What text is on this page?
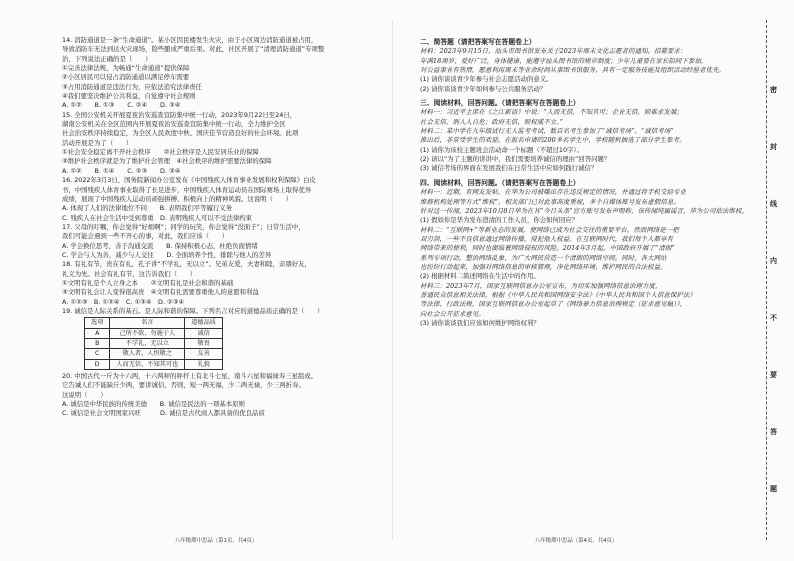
14. 消防通道是一条“生命通道”。某小区因民楼发生火灾，由于小区周边消防通道被占用，
导致消防车无法到达火灾现场，险些酿成严重后果。对此，社区开展了“清理消防通道”专项整
治，下列说法正确的是（　　）
①完善法律法规，为畅通“生命通道”提供保障
②小区居民可以侵占消防通道以满足停车需要
③占用消防通道是违法行为，应依法追究法律责任
④我们要坚决维护公共利益，自觉遵守社会规则
A. ①②　　B. ①③　　C. ②④　　D. ③④
15. 全国公安机关开展夏夜治安巡查宣防集中统一行动，2023年9月22日至24日，
湖南公安机关在全区范围内开展夏夜治安巡查宣防集中统一行动，全力维护全区
社会治安秩序持续稳定，为全区人民欢度中秋、国庆佳节营造良好的社会环境。此项
活动开展是为了（　　）
①社会安全稳定离不开社会秩序　　②社会秩序是人民安居乐业的保障
③维护社会秩序就是为了维护社会管理　④社会秩序的维护需要法律的保障
A. ①②　　B. ①④　　C. ②③　　D. ③④
16. 2022年3月3日，国务院新闻办公室发布《中国残疾人体育事业发展和权利保障》白皮
书，中国残疾人体育事业取得了长足进步，中国残疾人体育运动员在国际赛场上取得优异
成绩，展现了中国残疾人运动员顽强拼搏、积极向上的精神风貌。这说明（　　）
A. 体现了人们的法律地位不同　　B. 表明我们平等履行义务
C. 残疾人在社会生活中受到尊重　D. 表明残疾人可以不受法律约束
17. 父母的叮嘱，你会觉得“好烦啊”；同学的玩笑，你会觉得“没面子”；日常生活中，
我们可能会遇到一些不开心的事，对此，我们应该（　　）
A. 学会换位思考，善于沟通交流　　B. 保持积极心态，杜绝负面情绪
C. 学会与人为善，减少与人交往　　D. 全面培养个性，排除与他人的差异
18. 有礼有节，贵在有礼，孔子讲“不学礼，无以立”。兄弟友爱，夫妻和睦，亲朋好友，
礼义为先。社会有礼有节，这告诉我们（　　）
①文明有礼是个人立身之本　　②文明有礼是社会和谐的基础
③文明有礼会让人变得很高贵　④文明有礼需要尊重他人的意愿和利益
A. ①②③　B. ①②④　C. ①③④　D. ②③④
19. 诚信是人际关系的基石。是人际和谐的保障。下列名言对应的道德品质正确的是（　　）
选项	名言	道德品质
A	己所不欲，勿施于人	诚信
B	不学礼，无以立	敬畏
C	敬人者，人恒敬之	友善
D	人而无信，不知其可也	礼貌
20. 中国古代一斤为十六两，十六两秤的秤杆上有北斗七星、南斗六星和福禄寿三星组成。
它告诫人们不能缺斤少两，要讲诚信，否则，短一两无福，少二两无禄，少三两折寿。
这说明（　　）
A. 诚信是中华民族的传统美德　　B. 诚信是民法的一项基本原则
C. 诚信是社会文明国家兴旺　　　D. 诚信是古代商人都具备的优良品质
二、简答题（请把答案写在答题卷上）
材料：2023年9月15日，汕头市图书馆发布关于2023年周末文化志愿者的通知。招募要求：
年满18周岁，爱好广泛，身体健康，能遵守汕头图书馆的规章制度；少年儿童要在家长陪同下参加，
对公益事业有热情，愿意利用周末等业余时间从事图书馆服务，具有一定服务技能及组织活动经验者优先。
(1) 请你谈谈青少年参与社会志愿活动的意义。
(2) 请你谈谈青少年如何参与公共服务活动？
三、阅读材料，回答问题。（请把答案写在答题卷上）
材料一：习近平主席在《之江新语》中说：“人而无信，不知其可；企业无信，则难求发展；
社会无信，则人人自危；政府无信，则权威不立。”
材料二：某中学在九年级试行无人监考考试，数百名考生参加了“诚信考场”。“诚信考场”
推出后，非常受学生的欢迎。在报名申请的200多名学生中，学校随机抽选了部分学生参考。
(1) 请你为该校主题班会活动命一个标题（不超过10字）。
(2) 请以“为了主题的讲讲中，我们需要培养诚信的理由”回答问题？
(3) 诚信考场的界面在发展我们在日常生活中应如何践行诚信？
四、阅读材料，回答问题。（请把答案写在答题卷上）
材料一：近期，有网友发帖，在华为公司被曝出存在违反规定的情况，并通过将手机交给专业
维修机构处理等方式“维权”，相关部门已对此事高度重视，多个自媒体账号发布虚假信息。
针对这一传闻，2023年10月8日华为在其“今日头条”官方账号发布声明称，该传闻纯属谣言，华为公司依法维权。
(1) 假如你是华为发布澄清的工作人员，你会如何回应？
材料二：“互联网+”等新业态的发展，使网络已成为社会交往的重要平台。然而网络是一把
双刃剑，一些不良信息通过网络传播，侵犯他人权益。在互联网时代，我们每个人都享有
网络带来的便利，同时也面临着网络侵权的风险。2014年3月起，中国政府开展了“清朗”
系列专项行动，整治网络乱象，为广大网民营造一个清朗的网络空间。同时，各大网站
也纷纷行动起来，加强对网络信息的审核管理，净化网络环境，维护网民的合法权益。
(2) 根据材料二简述网络在生活中的作用。
材料三：2023年7月，国家互联网信息办公室宣布，为切实加强网络信息治理力度，
普通民众信息相关法律，根据《中华人民共和国网络安全法》《中华人民共和国个人信息保护法》
等法律、行政法规，国家互联网信息办公室起草了《网络暴力信息治理规定（征求意见稿）》，
向社会公开征求意见。
(3) 请你谈谈我们应该如何维护网络权利？
八年级期中思品（第1页，共4页）	八年级期中思品（第4页，共4页）
密
封
线
内
不
要
答
题
